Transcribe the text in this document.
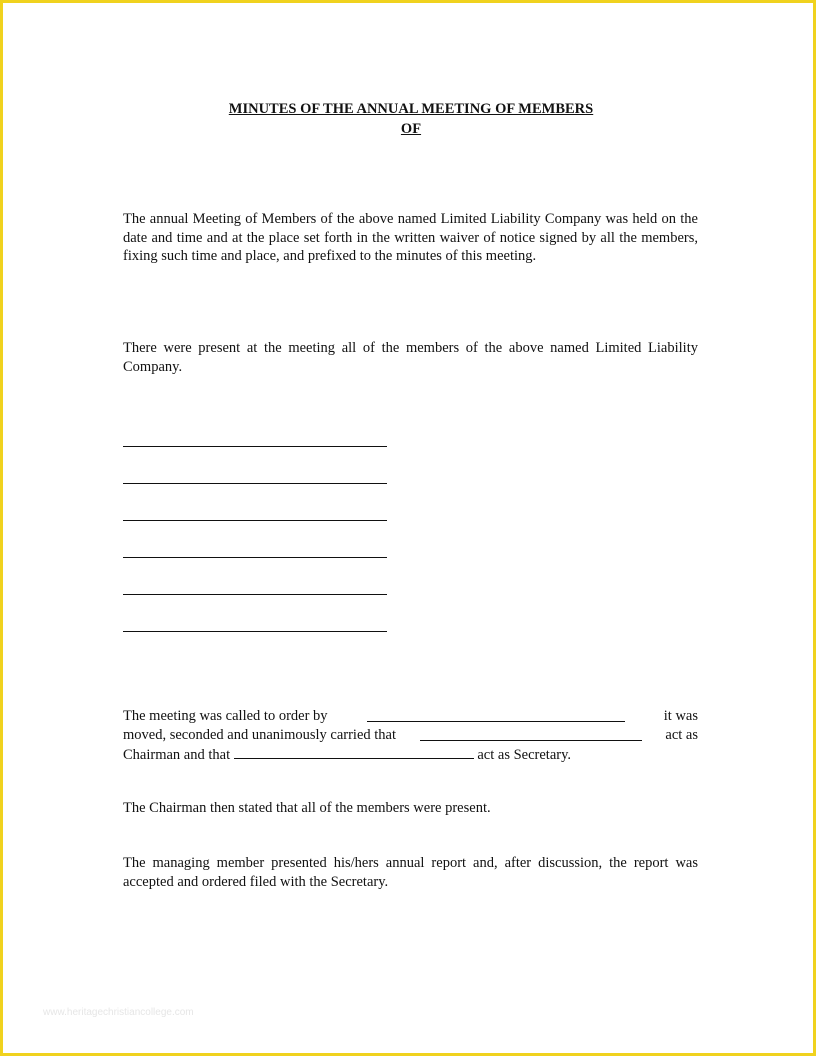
MINUTES OF THE ANNUAL MEETING OF MEMBERS
OF
The annual Meeting of Members of the above named Limited Liability Company was held on the date and time and at the place set forth in the written waiver of notice signed by all the members, fixing such time and place, and prefixed to the minutes of this meeting.
There were present at the meeting all of the members of the above named Limited Liability Company.
The meeting was called to order by	it was
moved, seconded and unanimously carried that	act as
Chairman and that	act as Secretary.
The Chairman then stated that all of the members were present.
The managing member presented his/hers annual report and, after discussion, the report was accepted and ordered filed with the Secretary.
www.heritagechristiancollege.com
